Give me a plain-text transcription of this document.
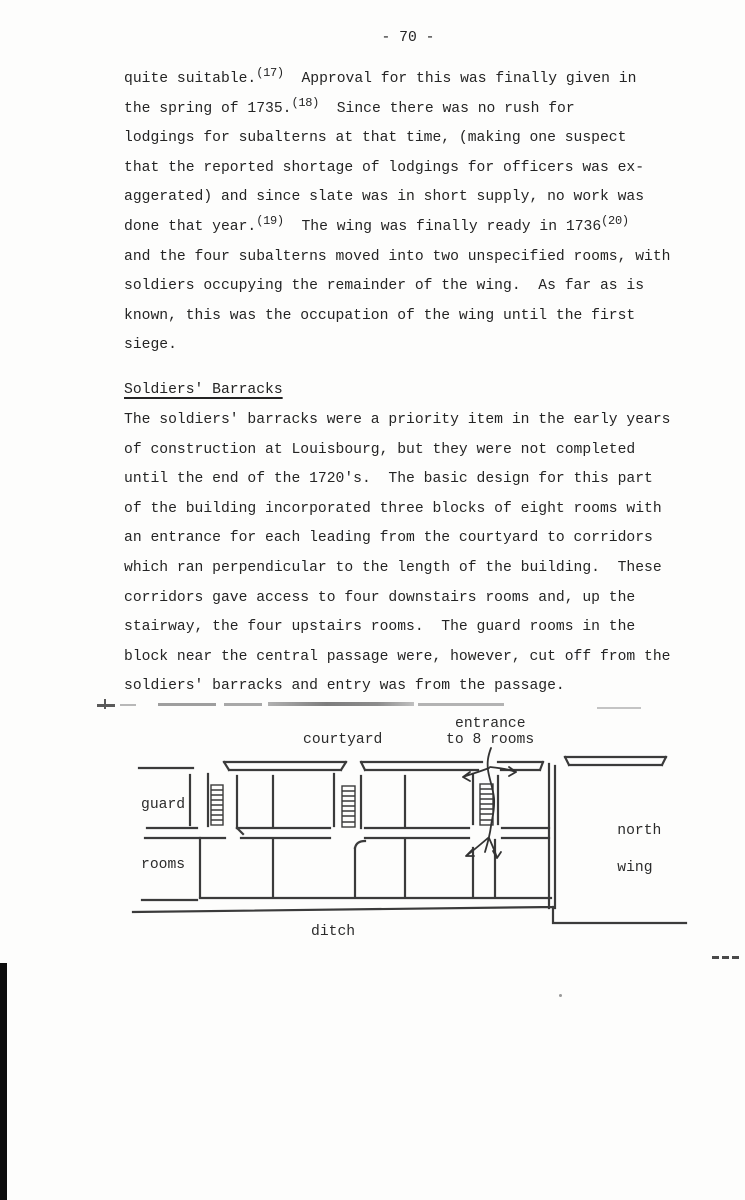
- 70 -
quite suitable.$^{(17)}$  Approval for this was finally given in
the spring of 1735.$^{(18)}$  Since there was no rush for
lodgings for subalterns at that time, (making one suspect
that the reported shortage of lodgings for officers was ex-
aggerated) and since slate was in short supply, no work was
done that year.$^{(19)}$  The wing was finally ready in 1736$^{(20)}$
and the four subalterns moved into two unspecified rooms, with
soldiers occupying the remainder of the wing.  As far as is
known, this was the occupation of the wing until the first
siege.
Soldiers' Barracks
The soldiers' barracks were a priority item in the early years
of construction at Louisbourg, but they were not completed
until the end of the 1720's.  The basic design for this part
of the building incorporated three blocks of eight rooms with
an entrance for each leading from the courtyard to corridors
which ran perpendicular to the length of the building.  These
corridors gave access to four downstairs rooms and, up the
stairway, the four upstairs rooms.  The guard rooms in the
block near the central passage were, however, cut off from the
soldiers' barracks and entry was from the passage.
courtyard
entrance
to 8 rooms
guard
rooms

north

wing

ditch
